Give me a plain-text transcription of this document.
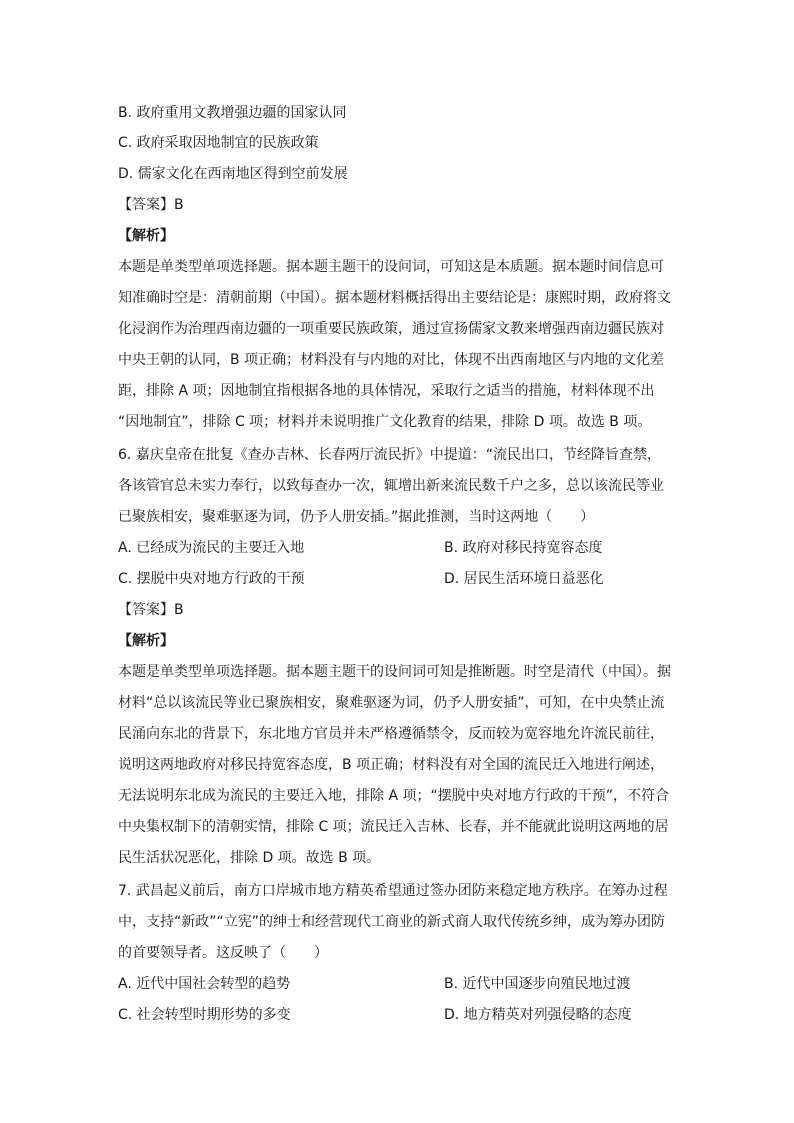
B. 政府重用文教增强边疆的国家认同
C. 政府采取因地制宜的民族政策
D. 儒家文化在西南地区得到空前发展
【答案】B
【解析】
本题是单类型单项选择题。据本题主题干的设问词，可知这是本质题。据本题时间信息可
知准确时空是：清朝前期（中国）。据本题材料概括得出主要结论是：康熙时期，政府将文
化浸润作为治理西南边疆的一项重要民族政策，通过宣扬儒家文教来增强西南边疆民族对
中央王朝的认同，B 项正确；材料没有与内地的对比，体现不出西南地区与内地的文化差
距，排除 A 项；因地制宜指根据各地的具体情况，采取行之适当的措施，材料体现不出
“因地制宜”，排除 C 项；材料并未说明推广文化教育的结果，排除 D 项。故选 B 项。
6. 嘉庆皇帝在批复《查办吉林、长春两厅流民折》中提道：“流民出口，节经降旨查禁，
各该管官总未实力奉行，以致每查办一次，辄增出新来流民数千户之多，总以该流民等业
已聚族相安，聚难驱逐为词，仍予人册安插。”据此推测，当时这两地（　　）
A. 已经成为流民的主要迁入地	B. 政府对移民持宽容态度
C. 摆脱中央对地方行政的干预	D. 居民生活环境日益恶化
【答案】B
【解析】
本题是单类型单项选择题。据本题主题干的设问词可知是推断题。时空是清代（中国）。据
材料“总以该流民等业已聚族相安，聚难驱逐为词，仍予人册安插”，可知，在中央禁止流
民涌向东北的背景下，东北地方官员并未严格遵循禁令，反而较为宽容地允许流民前往，
说明这两地政府对移民持宽容态度，B 项正确；材料没有对全国的流民迁入地进行阐述，
无法说明东北成为流民的主要迁入地，排除 A 项；“摆脱中央对地方行政的干预”，不符合
中央集权制下的清朝实情，排除 C 项；流民迁入吉林、长春，并不能就此说明这两地的居
民生活状况恶化，排除 D 项。故选 B 项。
7. 武昌起义前后，南方口岸城市地方精英希望通过签办团防来稳定地方秩序。在筹办过程
中，支持“新政”“立宪”的绅士和经营现代工商业的新式商人取代传统乡绅，成为筹办团防
的首要领导者。这反映了（　　）
A. 近代中国社会转型的趋势	B. 近代中国逐步向殖民地过渡
C. 社会转型时期形势的多变	D. 地方精英对列强侵略的态度
